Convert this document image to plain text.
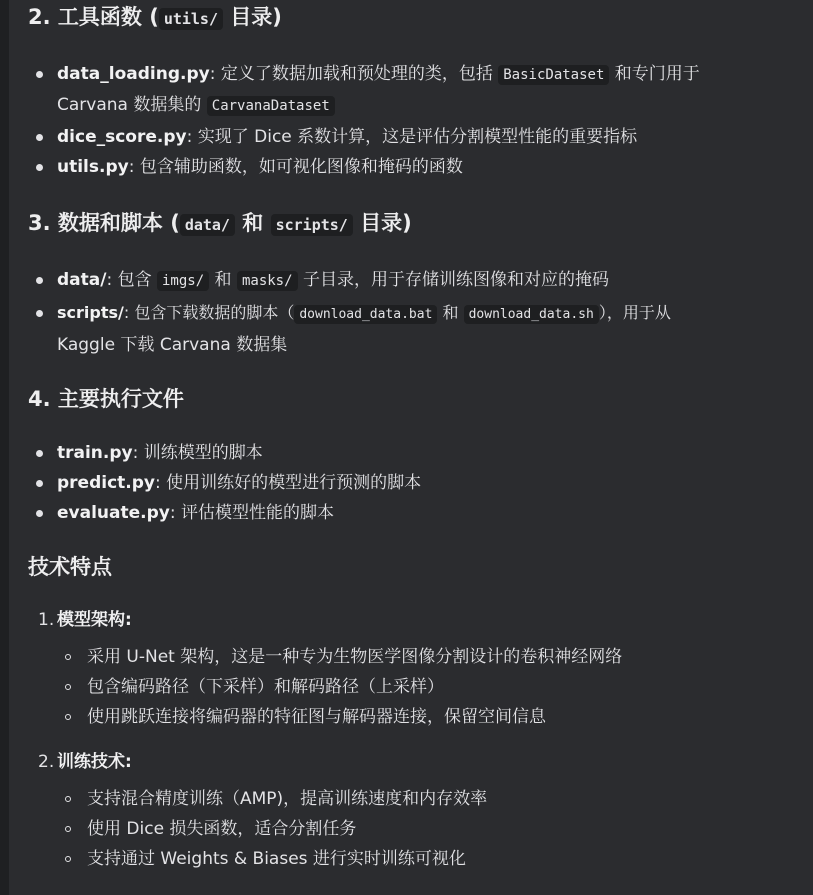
2. 工具函数 ( utils/ 目录)
data_loading.py: 定义了数据加载和预处理的类，包括 BasicDataset 和专门用于
Carvana 数据集的 CarvanaDataset
dice_score.py: 实现了 Dice 系数计算，这是评估分割模型性能的重要指标
utils.py: 包含辅助函数，如可视化图像和掩码的函数
3. 数据和脚本 ( data/ 和 scripts/ 目录)
data/: 包含 imgs/ 和 masks/ 子目录，用于存储训练图像和对应的掩码
scripts/: 包含下载数据的脚本（ download_data.bat 和 download_data.sh ），用于从
Kaggle 下载 Carvana 数据集
4. 主要执行文件
train.py: 训练模型的脚本
predict.py: 使用训练好的模型进行预测的脚本
evaluate.py: 评估模型性能的脚本
技术特点
1. 模型架构:
采用 U-Net 架构，这是一种专为生物医学图像分割设计的卷积神经网络
包含编码路径（下采样）和解码路径（上采样）
使用跳跃连接将编码器的特征图与解码器连接，保留空间信息
2. 训练技术:
支持混合精度训练（AMP)，提高训练速度和内存效率
使用 Dice 损失函数，适合分割任务
支持通过 Weights & Biases 进行实时训练可视化
